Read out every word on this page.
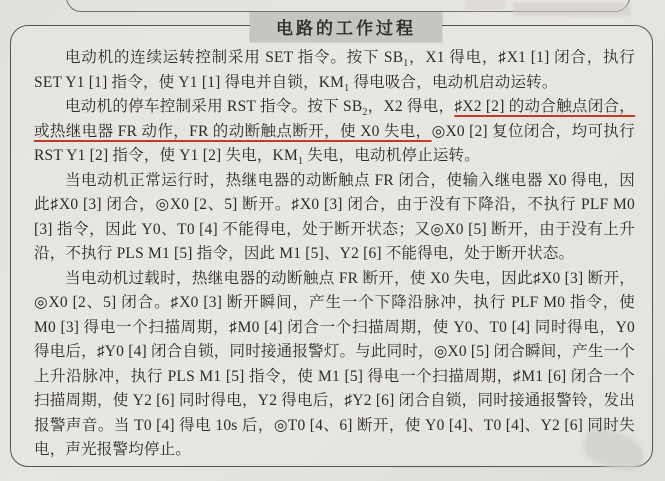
电路的工作过程

电动机的连续运转控制采用 SET 指令。按下 $SB_1$，X1 得电，♯X1 [1] 闭合，执行 SET Y1 [1] 指令，使 Y1 [1] 得电并自锁，$KM_1$ 得电吸合，电动机启动运转。

电动机的停车控制采用 RST 指令。按下 $SB_2$，X2 得电，♯X2 [2] 的动合触点闭合，或热继电器 FR 动作，FR 的动断触点断开，使 X0 失电，◎X0 [2] 复位闭合，均可执行 RST Y1 [2] 指令，使 Y1 [2] 失电，$KM_1$ 失电，电动机停止运转。

当电动机正常运行时，热继电器的动断触点 FR 闭合，使输入继电器 X0 得电，因此♯X0 [3] 闭合，◎X0 [2、5] 断开。♯X0 [3] 闭合，由于没有下降沿，不执行 PLF M0 [3] 指令，因此 Y0、T0 [4] 不能得电，处于断开状态；又◎X0 [5] 断开，由于没有上升沿，不执行 PLS M1 [5] 指令，因此 M1 [5]、Y2 [6] 不能得电，处于断开状态。

当电动机过载时，热继电器的动断触点 FR 断开，使 X0 失电，因此♯X0 [3] 断开，◎X0 [2、5] 闭合。♯X0 [3] 断开瞬间，产生一个下降沿脉冲，执行 PLF M0 指令，使 M0 [3] 得电一个扫描周期，♯M0 [4] 闭合一个扫描周期，使 Y0、T0 [4] 同时得电，Y0 得电后，♯Y0 [4] 闭合自锁，同时接通报警灯。与此同时，◎X0 [5] 闭合瞬间，产生一个上升沿脉冲，执行 PLS M1 [5] 指令，使 M1 [5] 得电一个扫描周期，♯M1 [6] 闭合一个扫描周期，使 Y2 [6] 同时得电，Y2 得电后，♯Y2 [6] 闭合自锁，同时接通报警铃，发出报警声音。当 T0 [4] 得电 10s 后，◎T0 [4、6] 断开，使 Y0 [4]、T0 [4]、Y2 [6] 同时失电，声光报警均停止。
